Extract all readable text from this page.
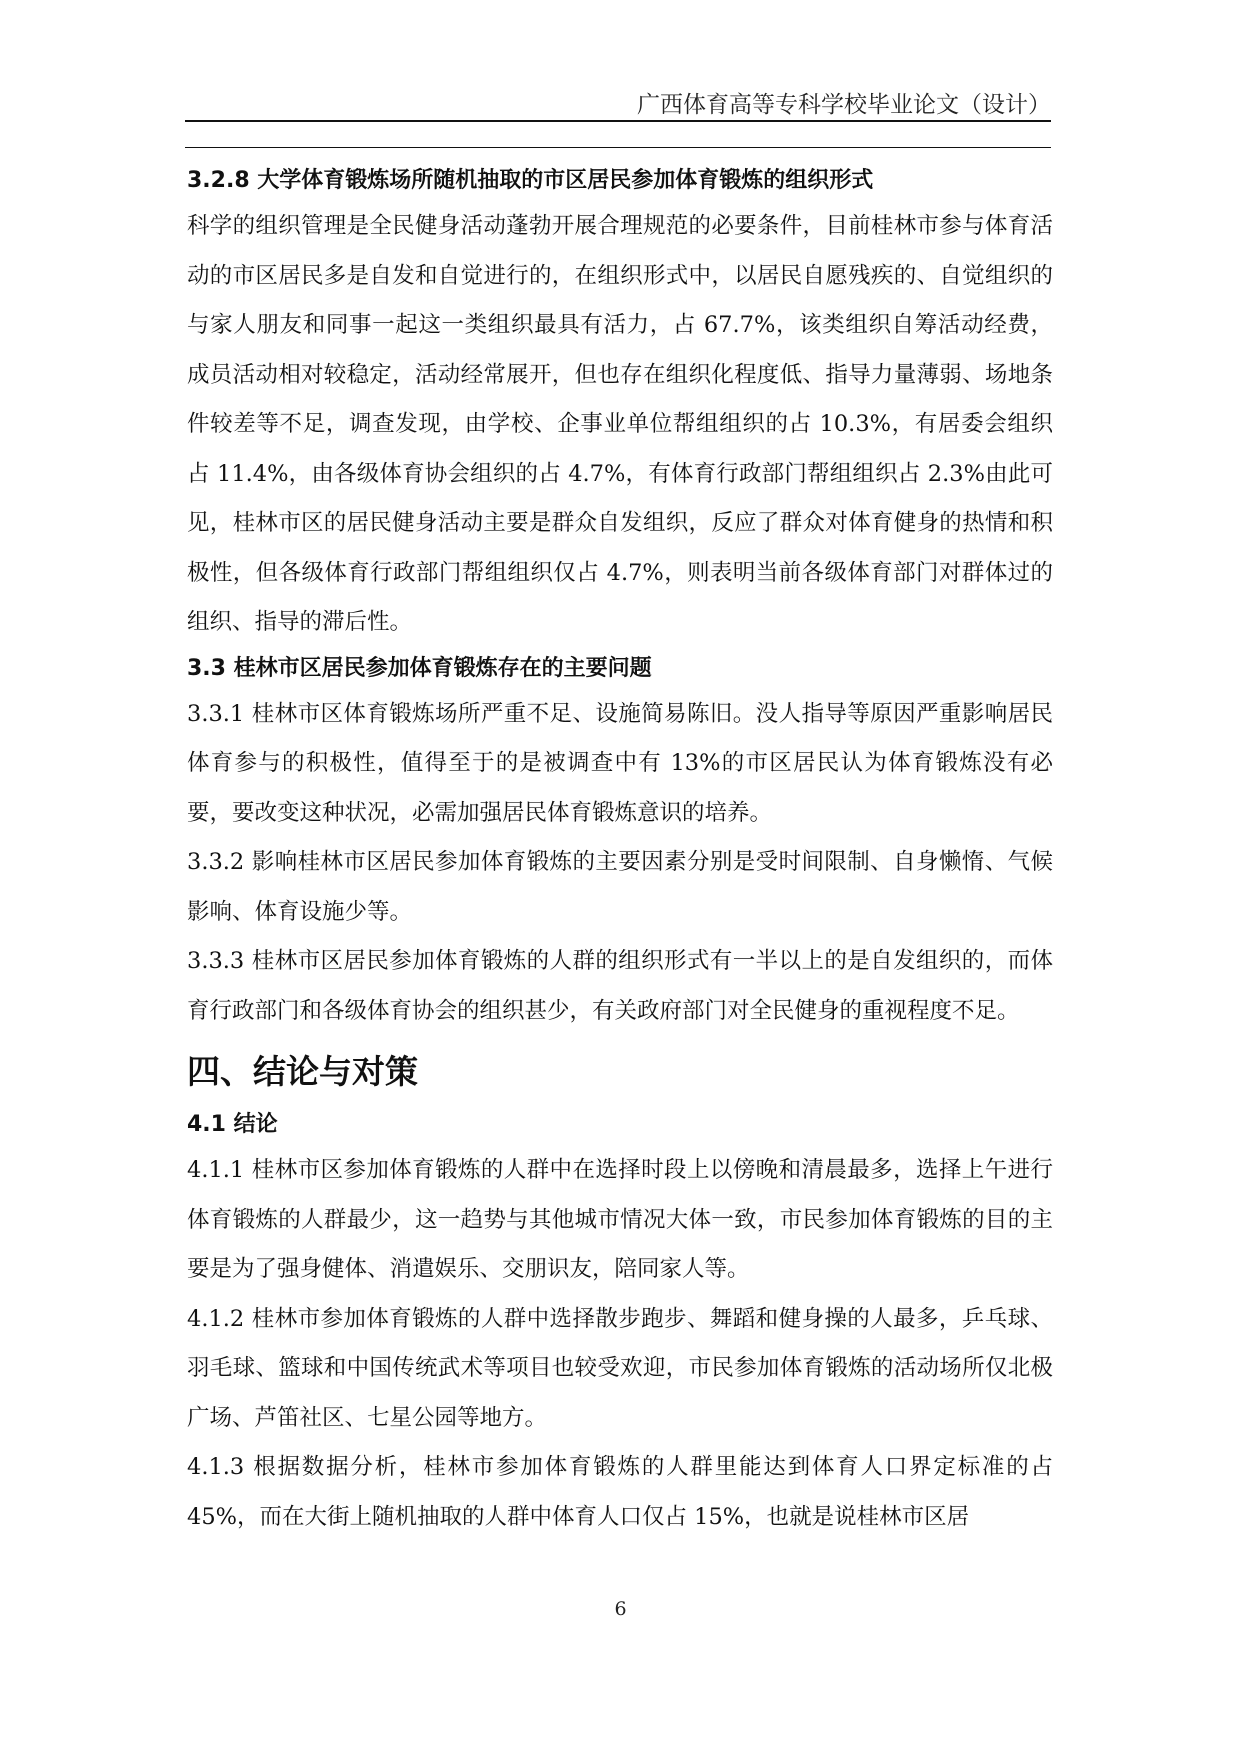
广西体育高等专科学校毕业论文（设计）
3.2.8 大学体育锻炼场所随机抽取的市区居民参加体育锻炼的组织形式

科学的组织管理是全民健身活动蓬勃开展合理规范的必要条件，目前桂林市参与体育活动的市区居民多是自发和自觉进行的，在组织形式中，以居民自愿残疾的、自觉组织的与家人朋友和同事一起这一类组织最具有活力，占 67.7%，该类组织自筹活动经费，成员活动相对较稳定，活动经常展开，但也存在组织化程度低、指导力量薄弱、场地条件较差等不足，调查发现，由学校、企事业单位帮组组织的占 10.3%，有居委会组织占 11.4%，由各级体育协会组织的占 4.7%，有体育行政部门帮组组织占 2.3%由此可见，桂林市区的居民健身活动主要是群众自发组织，反应了群众对体育健身的热情和积极性，但各级体育行政部门帮组组织仅占 4.7%，则表明当前各级体育部门对群体过的组织、指导的滞后性。

3.3 桂林市区居民参加体育锻炼存在的主要问题

3.3.1 桂林市区体育锻炼场所严重不足、设施简易陈旧。没人指导等原因严重影响居民体育参与的积极性，值得至于的是被调查中有 13%的市区居民认为体育锻炼没有必要，要改变这种状况，必需加强居民体育锻炼意识的培养。

3.3.2 影响桂林市区居民参加体育锻炼的主要因素分别是受时间限制、自身懒惰、气候影响、体育设施少等。

3.3.3 桂林市区居民参加体育锻炼的人群的组织形式有一半以上的是自发组织的，而体育行政部门和各级体育协会的组织甚少，有关政府部门对全民健身的重视程度不足。

四、结论与对策
4.1 结论

4.1.1 桂林市区参加体育锻炼的人群中在选择时段上以傍晚和清晨最多，选择上午进行体育锻炼的人群最少，这一趋势与其他城市情况大体一致，市民参加体育锻炼的目的主要是为了强身健体、消遣娱乐、交朋识友，陪同家人等。

4.1.2 桂林市参加体育锻炼的人群中选择散步跑步、舞蹈和健身操的人最多，乒乓球、羽毛球、篮球和中国传统武术等项目也较受欢迎，市民参加体育锻炼的活动场所仅北极广场、芦笛社区、七星公园等地方。

4.1.3 根据数据分析，桂林市参加体育锻炼的人群里能达到体育人口界定标准的占 45%，而在大街上随机抽取的人群中体育人口仅占 15%，也就是说桂林市区居

6
